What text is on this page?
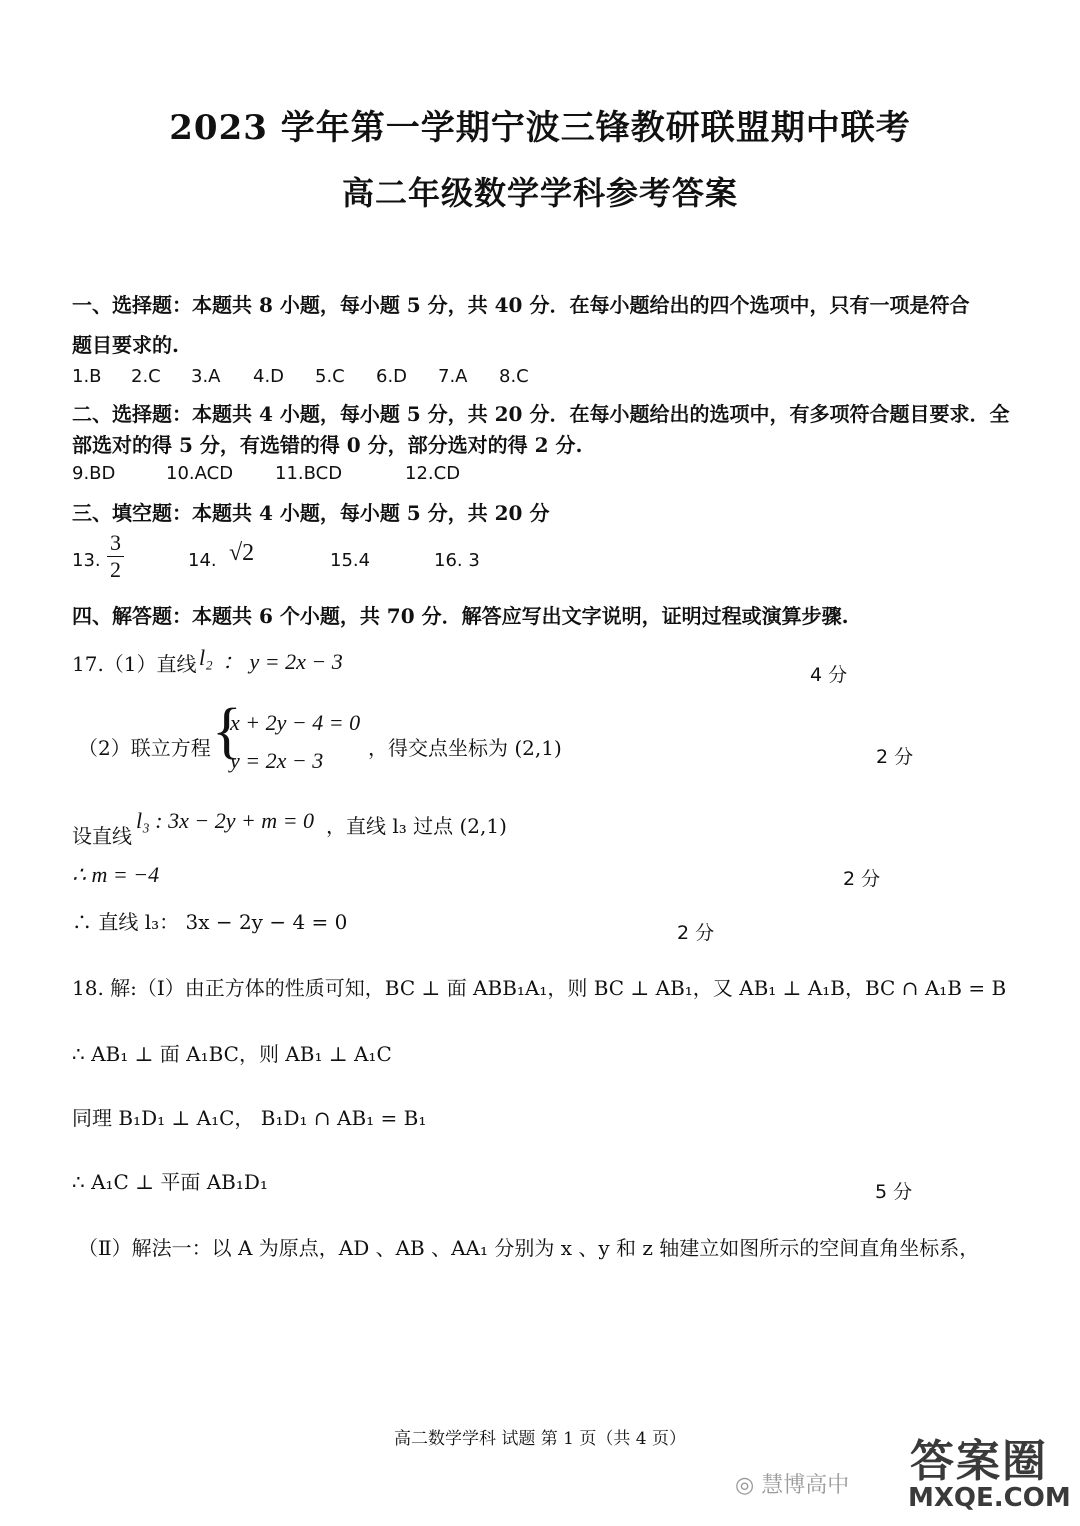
2023 学年第一学期宁波三锋教研联盟期中联考
高二年级数学学科参考答案
一、选择题：本题共 8 小题，每小题 5 分，共 40 分．在每小题给出的四个选项中，只有一项是符合
题目要求的.
1.B 2.C 3.A 4.D 5.C 6.D 7.A 8.C
二、选择题：本题共 4 小题，每小题 5 分，共 20 分．在每小题给出的选项中，有多项符合题目要求．全
部选对的得 5 分，有选错的得 0 分，部分选对的得 2 分.
9.BD	10.ACD 11.BCD	12.CD
三、填空题：本题共 4 小题，每小题 5 分，共 20 分
13. $\frac{3}{2}$	14. √2	15.4	16. 3
四、解答题：本题共 6 个小题，共 70 分．解答应写出文字说明，证明过程或演算步骤.
17.（1）直线 l₂ ： y = 2x − 3
4 分
（2）联立方程 {
x + 2y − 4 = 0
y = 2x − 3 ，得交点坐标为 (2,1)	2 分
设直线
l₃ : 3x − 2y + m = 0 ，直线 l₃ 过点 (2,1)
∴ m = −4	2 分
∴ 直线 l₃： 3x − 2y − 4 = 0	2 分
18. 解:（Ⅰ）由正方体的性质可知，BC ⊥ 面 ABB₁A₁，则 BC ⊥ AB₁，又 AB₁ ⊥ A₁B，BC ∩ A₁B = B
∴ AB₁ ⊥ 面 A₁BC，则 AB₁ ⊥ A₁C
同理 B₁D₁ ⊥ A₁C， B₁D₁ ∩ AB₁ = B₁
∴ A₁C ⊥ 平面 AB₁D₁	5 分
（Ⅱ）解法一：以 A 为原点，AD 、AB 、AA₁ 分别为 x 、y 和 z 轴建立如图所示的空间直角坐标系，
高二数学学科 试题 第 1 页（共 4 页）
◎ 慧博高中 答案圈
MXQE.COM
